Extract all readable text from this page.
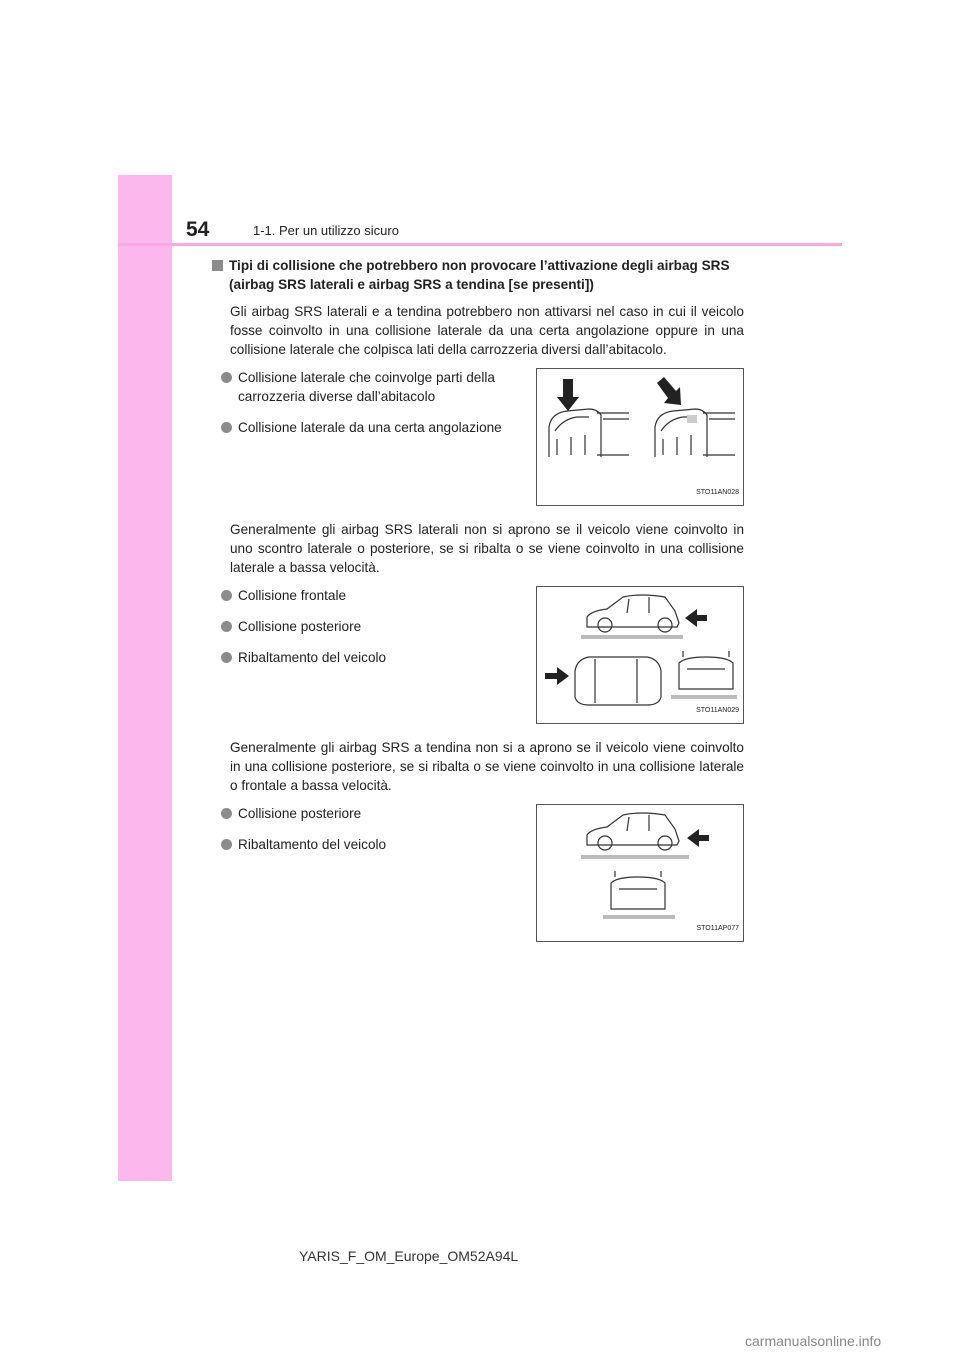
54	1-1. Per un utilizzo sicuro
Tipi di collisione che potrebbero non provocare l’attivazione degli airbag SRS (airbag SRS laterali e airbag SRS a tendina [se presenti])
Gli airbag SRS laterali e a tendina potrebbero non attivarsi nel caso in cui il veicolo fosse coinvolto in una collisione laterale da una certa angolazione oppure in una collisione laterale che colpisca lati della carrozzeria diversi dall’abitacolo.
Collisione laterale che coinvolge parti della carrozzeria diverse dall’abitacolo
Collisione laterale da una certa angolazione
STO11AN028
Generalmente gli airbag SRS laterali non si aprono se il veicolo viene coinvolto in uno scontro laterale o posteriore, se si ribalta o se viene coinvolto in una collisione laterale a bassa velocità.
Collisione frontale
Collisione posteriore
Ribaltamento del veicolo
STO11AN029
Generalmente gli airbag SRS a tendina non si a aprono se il veicolo viene coinvolto in una collisione posteriore, se si ribalta o se viene coinvolto in una collisione laterale o frontale a bassa velocità.
Collisione posteriore
Ribaltamento del veicolo
STO11AP077
YARIS_F_OM_Europe_OM52A94L
carmanualsonline.info
